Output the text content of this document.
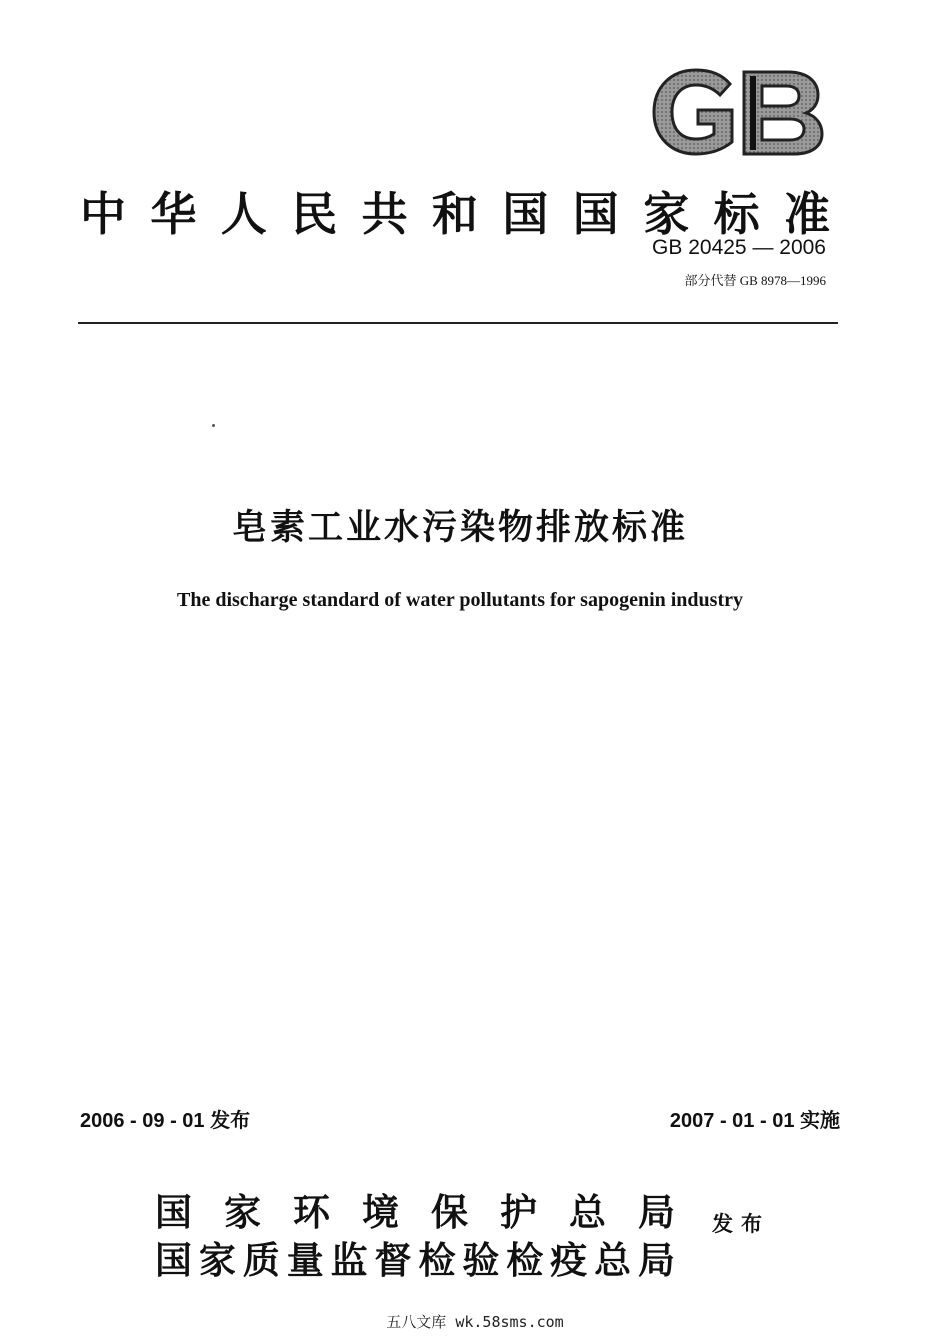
中华人民共和国国家标准
GB 20425 — 2006
部分代替 GB 8978—1996
皂素工业水污染物排放标准
The discharge standard of water pollutants for sapogenin industry
2006 - 09 - 01 发布	2007 - 01 - 01 实施
国家环境保护总局
国家质量监督检验检疫总局
发布
五八文库 wk.58sms.com
